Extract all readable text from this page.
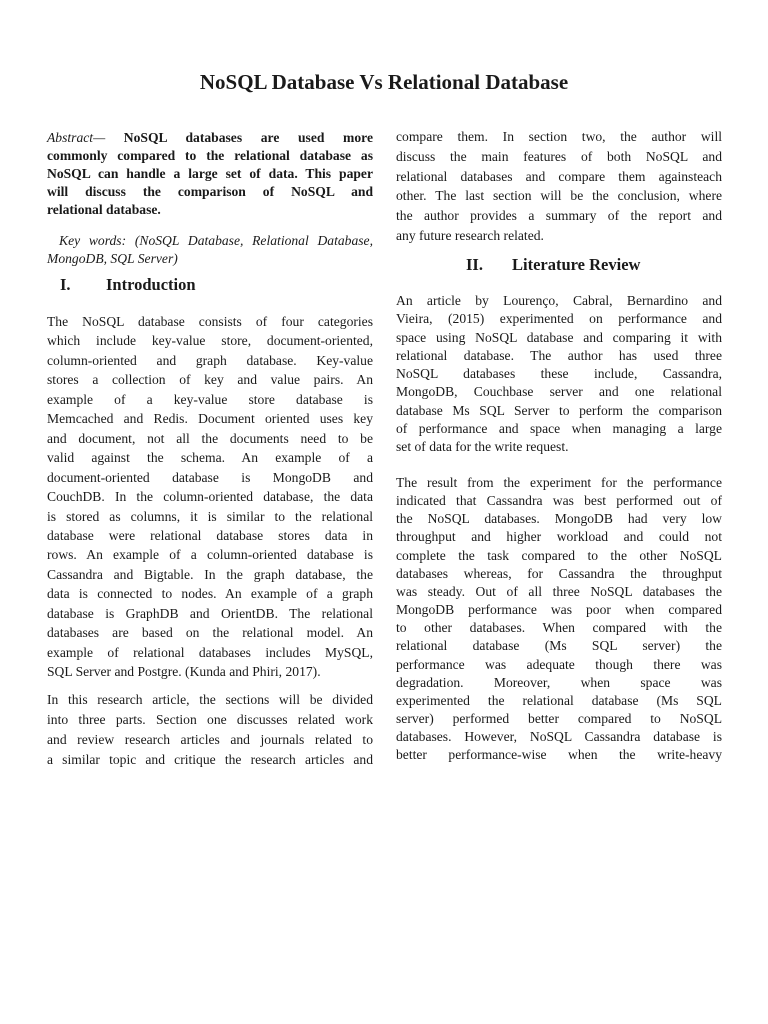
NoSQL Database Vs Relational Database
Abstract— NoSQL databases are used more
commonly compared to the relational database as
NoSQL can handle a large set of data. This paper
will discuss the comparison of NoSQL and
relational database.
Key words: (NoSQL Database, Relational Database,
MongoDB, SQL Server)
I. Introduction
The NoSQL database consists of four categories
which include key-value store, document-oriented,
column-oriented and graph database. Key-value
stores a collection of key and value pairs. An
example of a key-value store database is
Memcached and Redis. Document oriented uses key
and document, not all the documents need to be
valid against the schema. An example of a
document-oriented database is MongoDB and
CouchDB. In the column-oriented database, the data
is stored as columns, it is similar to the relational
database were relational database stores data in
rows. An example of a column-oriented database is
Cassandra and Bigtable. In the graph database, the
data is connected to nodes. An example of a graph
database is GraphDB and OrientDB. The relational
databases are based on the relational model. An
example of relational databases includes MySQL,
SQL Server and Postgre. (Kunda and Phiri, 2017).
In this research article, the sections will be divided
into three parts. Section one discusses related work
and review research articles and journals related to
a similar topic and critique the research articles and
compare them. In section two, the author will
discuss the main features of both NoSQL and
relational databases and compare them againsteach
other. The last section will be the conclusion, where
the author provides a summary of the report and
any future research related.
II. Literature Review
An article by Lourenço, Cabral, Bernardino and
Vieira, (2015) experimented on performance and
space using NoSQL database and comparing it with
relational database. The author has used three
NoSQL databases these include, Cassandra,
MongoDB, Couchbase server and one relational
database Ms SQL Server to perform the comparison
of performance and space when managing a large
set of data for the write request.
The result from the experiment for the performance
indicated that Cassandra was best performed out of
the NoSQL databases. MongoDB had very low
throughput and higher workload and could not
complete the task compared to the other NoSQL
databases whereas, for Cassandra the throughput
was steady. Out of all three NoSQL databases the
MongoDB performance was poor when compared
to other databases. When compared with the
relational database (Ms SQL server) the
performance was adequate though there was
degradation. Moreover, when space was
experimented the relational database (Ms SQL
server) performed better compared to NoSQL
databases. However, NoSQL Cassandra database is
better performance-wise when the write-heavy
